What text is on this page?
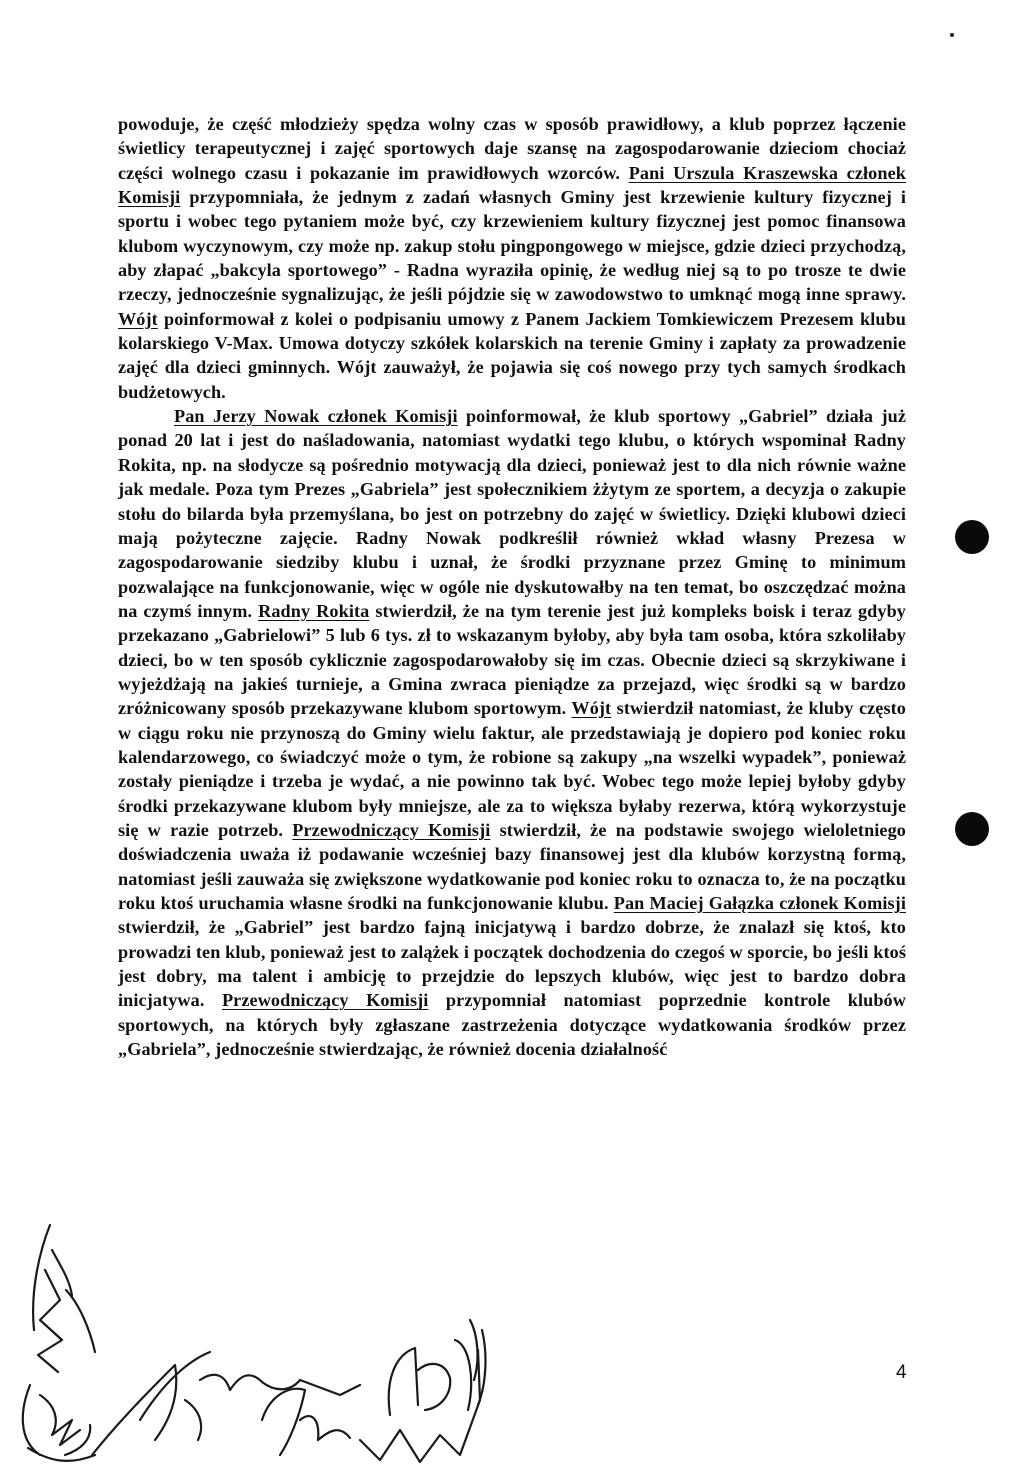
powoduje, że część młodzieży spędza wolny czas w sposób prawidłowy, a klub poprzez łączenie świetlicy terapeutycznej i zajęć sportowych daje szansę na zagospodarowanie dzieciom chociaż części wolnego czasu i pokazanie im prawidłowych wzorców. Pani Urszula Kraszewska członek Komisji przypomniała, że jednym z zadań własnych Gminy jest krzewienie kultury fizycznej i sportu i wobec tego pytaniem może być, czy krzewieniem kultury fizycznej jest pomoc finansowa klubom wyczynowym, czy może np. zakup stołu pingpongowego w miejsce, gdzie dzieci przychodzą, aby złapać „bakcyla sportowego” - Radna wyraziła opinię, że według niej są to po trosze te dwie rzeczy, jednocześnie sygnalizując, że jeśli pójdzie się w zawodowstwo to umknąć mogą inne sprawy. Wójt poinformował z kolei o podpisaniu umowy z Panem Jackiem Tomkiewiczem Prezesem klubu kolarskiego V-Max. Umowa dotyczy szkółek kolarskich na terenie Gminy i zapłaty za prowadzenie zajęć dla dzieci gminnych. Wójt zauważył, że pojawia się coś nowego przy tych samych środkach budżetowych.

Pan Jerzy Nowak członek Komisji poinformował, że klub sportowy „Gabriel” działa już ponad 20 lat i jest do naśladowania, natomiast wydatki tego klubu, o których wspominał Radny Rokita, np. na słodycze są pośrednio motywacją dla dzieci, ponieważ jest to dla nich równie ważne jak medale. Poza tym Prezes „Gabriela” jest społecznikiem żżytym ze sportem, a decyzja o zakupie stołu do bilarda była przemyślana, bo jest on potrzebny do zajęć w świetlicy. Dzięki klubowi dzieci mają pożyteczne zajęcie. Radny Nowak podkreślił również wkład własny Prezesa w zagospodarowanie siedziby klubu i uznał, że środki przyznane przez Gminę to minimum pozwalające na funkcjonowanie, więc w ogóle nie dyskutowałby na ten temat, bo oszczędzać można na czymś innym. Radny Rokita stwierdził, że na tym terenie jest już kompleks boisk i teraz gdyby przekazano „Gabrielowi” 5 lub 6 tys. zł to wskazanym byłoby, aby była tam osoba, która szkoliłaby dzieci, bo w ten sposób cyklicznie zagospodarowałoby się im czas. Obecnie dzieci są skrzykiwane i wyjeżdżają na jakieś turnieje, a Gmina zwraca pieniądze za przejazd, więc środki są w bardzo zróżnicowany sposób przekazywane klubom sportowym. Wójt stwierdził natomiast, że kluby często w ciągu roku nie przynoszą do Gminy wielu faktur, ale przedstawiają je dopiero pod koniec roku kalendarzowego, co świadczyć może o tym, że robione są zakupy „na wszelki wypadek”, ponieważ zostały pieniądze i trzeba je wydać, a nie powinno tak być. Wobec tego może lepiej byłoby gdyby środki przekazywane klubom były mniejsze, ale za to większa byłaby rezerwa, którą wykorzystuje się w razie potrzeb. Przewodniczący Komisji stwierdził, że na podstawie swojego wieloletniego doświadczenia uważa iż podawanie wcześniej bazy finansowej jest dla klubów korzystną formą, natomiast jeśli zauważa się zwiększone wydatkowanie pod koniec roku to oznacza to, że na początku roku ktoś uruchamia własne środki na funkcjonowanie klubu. Pan Maciej Gałązka członek Komisji stwierdził, że „Gabriel” jest bardzo fajną inicjatywą i bardzo dobrze, że znalazł się ktoś, kto prowadzi ten klub, ponieważ jest to zalążek i początek dochodzenia do czegoś w sporcie, bo jeśli ktoś jest dobry, ma talent i ambicję to przejdzie do lepszych klubów, więc jest to bardzo dobra inicjatywa. Przewodniczący Komisji przypomniał natomiast poprzednie kontrole klubów sportowych, na których były zgłaszane zastrzeżenia dotyczące wydatkowania środków przez „Gabriela”, jednocześnie stwierdzając, że również docenia działalność

4
